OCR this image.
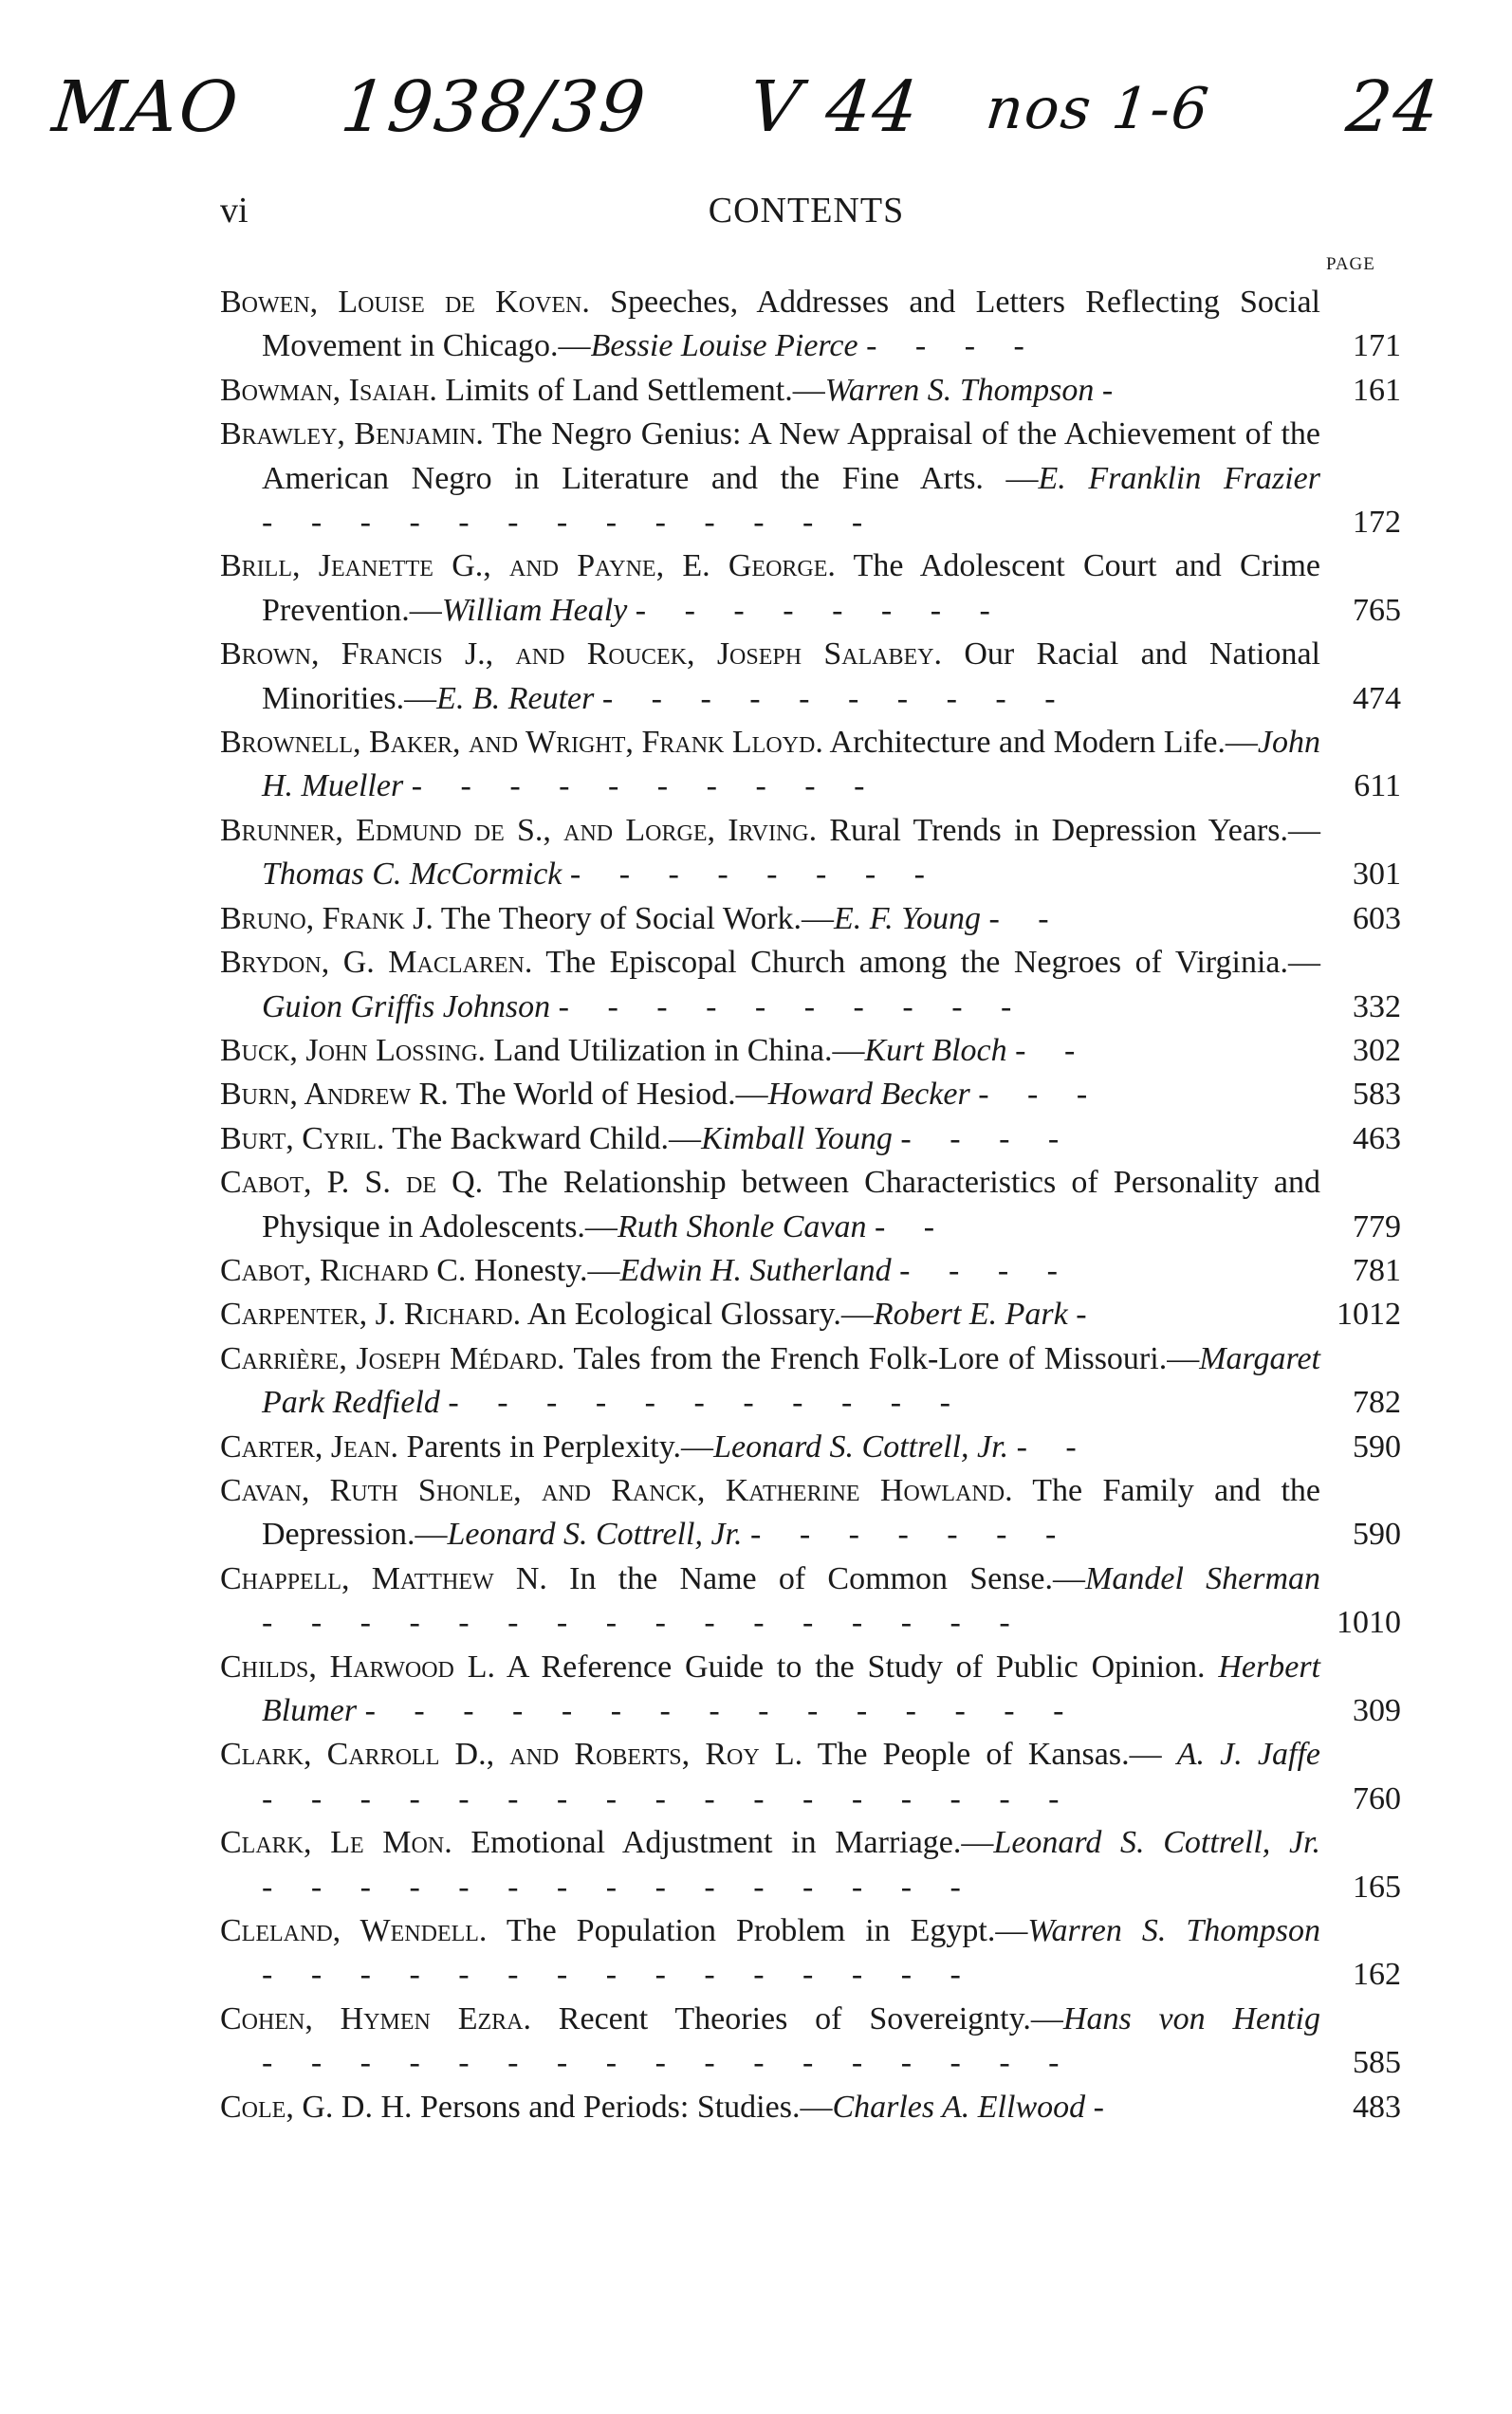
ΜΑΟ 1938/39 V 44 nos 1-6 24
vi	CONTENTS
PAGE
Bowen, Louise de Koven. Speeches, Addresses and Letters Reflecting Social Movement in Chicago.—Bessie Louise Pierce - - - -	171
Bowman, Isaiah. Limits of Land Settlement.—Warren S. Thompson -	161
Brawley, Benjamin. The Negro Genius: A New Appraisal of the Achievement of the American Negro in Literature and the Fine Arts. —E. Franklin Frazier - - - - - - - - - - - - -	172
Brill, Jeanette G., and Payne, E. George. The Adolescent Court and Crime Prevention.—William Healy - - - - - - - -	765
Brown, Francis J., and Roucek, Joseph Salabey. Our Racial and National Minorities.—E. B. Reuter - - - - - - - - - -	474
Brownell, Baker, and Wright, Frank Lloyd. Architecture and Modern Life.—John H. Mueller - - - - - - - - - -	611
Brunner, Edmund de S., and Lorge, Irving. Rural Trends in Depression Years.—Thomas C. McCormick - - - - - - - -	301
Bruno, Frank J. The Theory of Social Work.—E. F. Young - -	603
Brydon, G. Maclaren. The Episcopal Church among the Negroes of Virginia.—Guion Griffis Johnson - - - - - - - - - -	332
Buck, John Lossing. Land Utilization in China.—Kurt Bloch - -	302
Burn, Andrew R. The World of Hesiod.—Howard Becker - - -	583
Burt, Cyril. The Backward Child.—Kimball Young - - - -	463
Cabot, P. S. de Q. The Relationship between Characteristics of Personality and Physique in Adolescents.—Ruth Shonle Cavan - -	779
Cabot, Richard C. Honesty.—Edwin H. Sutherland - - - -	781
Carpenter, J. Richard. An Ecological Glossary.—Robert E. Park -	1012
Carrière, Joseph Médard. Tales from the French Folk-Lore of Missouri.—Margaret Park Redfield - - - - - - - - - - -	782
Carter, Jean. Parents in Perplexity.—Leonard S. Cottrell, Jr. - -	590
Cavan, Ruth Shonle, and Ranck, Katherine Howland. The Family and the Depression.—Leonard S. Cottrell, Jr. - - - - - - -	590
Chappell, Matthew N. In the Name of Common Sense.—Mandel Sherman - - - - - - - - - - - - - - - -	1010
Childs, Harwood L. A Reference Guide to the Study of Public Opinion. Herbert Blumer - - - - - - - - - - - - - - -	309
Clark, Carroll D., and Roberts, Roy L. The People of Kansas.— A. J. Jaffe - - - - - - - - - - - - - - - - -	760
Clark, Le Mon. Emotional Adjustment in Marriage.—Leonard S. Cottrell, Jr. - - - - - - - - - - - - - - -	165
Cleland, Wendell. The Population Problem in Egypt.—Warren S. Thompson - - - - - - - - - - - - - - -	162
Cohen, Hymen Ezra. Recent Theories of Sovereignty.—Hans von Hentig - - - - - - - - - - - - - - - - -	585
Cole, G. D. H. Persons and Periods: Studies.—Charles A. Ellwood -	483
